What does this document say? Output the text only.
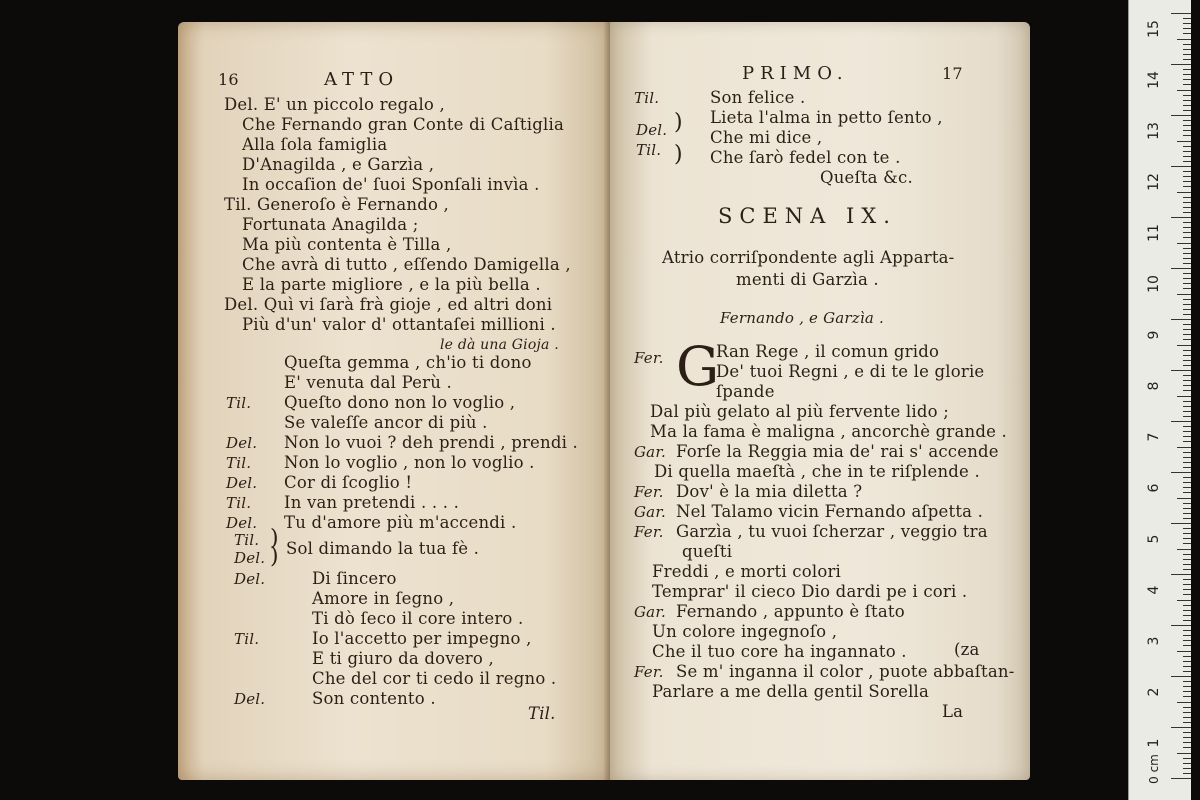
16	ATTO
Del. E' un piccolo regalo ,
Che Fernando gran Conte di Caſtiglia
Alla ſola famiglia
D'Anagilda , e Garzìa ,
In occaſion de' ſuoi Sponſali invìa .
Til. Generoſo è Fernando ,
Fortunata Anagilda ;
Ma più contenta è Tilla ,
Che avrà di tutto , eſſendo Damigella ,
E la parte migliore , e la più bella .
Del. Quì vi ſarà frà gioje , ed altri doni
Più d'un' valor d' ottantaſei millioni .
le dà una Gioja .
Queſta gemma , ch'io ti dono
E' venuta dal Perù .
Til. Queſto dono non lo voglio ,
Se valeſſe ancor di più .
Del. Non lo vuoi ? deh prendi , prendi .
Til. Non lo voglio , non lo voglio .
Del. Cor di ſcoglio !
Til. In van pretendi . . . .
Del. Tu d'amore più m'accendi .
Til.
Del.
)
) Sol dimando la tua fè .
Del.	Di ſincero
Amore in ſegno ,
Ti dò ſeco il core intero .
Til.	Io l'accetto per impegno ,
E ti giuro da dovero ,
Che del cor ti cedo il regno .
Del.	Son contento .
Til.
PRIMO.	17
Til.	Son felice .
Lieta l'alma in petto ſento ,
Del. )
Che mi dice ,
Til. ) Che ſarò fedel con te .
Queſta &c.
SCENA IX.
Atrio corriſpondente agli Apparta-
menti di Garzìa .
Fernando , e Garzìa .
Fer. G
Ran Rege , il comun grido
De' tuoi Regni , e di te le glorie
ſpande
Dal più gelato al più fervente lido ;
Ma la fama è maligna , ancorchè grande .
Gar. Forſe la Reggia mia de' rai s' accende
Di quella maeſtà , che in te riſplende .
Fer. Dov' è la mia diletta ?
Gar. Nel Talamo vicin Fernando aſpetta .
Fer. Garzìa , tu vuoi ſcherzar , veggio tra
queſti
Freddi , e morti colori
Temprar' il cieco Dio dardi pe i cori .
Gar. Fernando , appunto è ſtato
Un colore ingegnoſo ,
Che il tuo core ha ingannato .	(za
Fer. Se m' inganna il color , puote abbaſtan-
Parlare a me della gentil Sorella
La
0 cm
1
2
3
4
5
6
7
8
9
10
11
12
13
14
15
